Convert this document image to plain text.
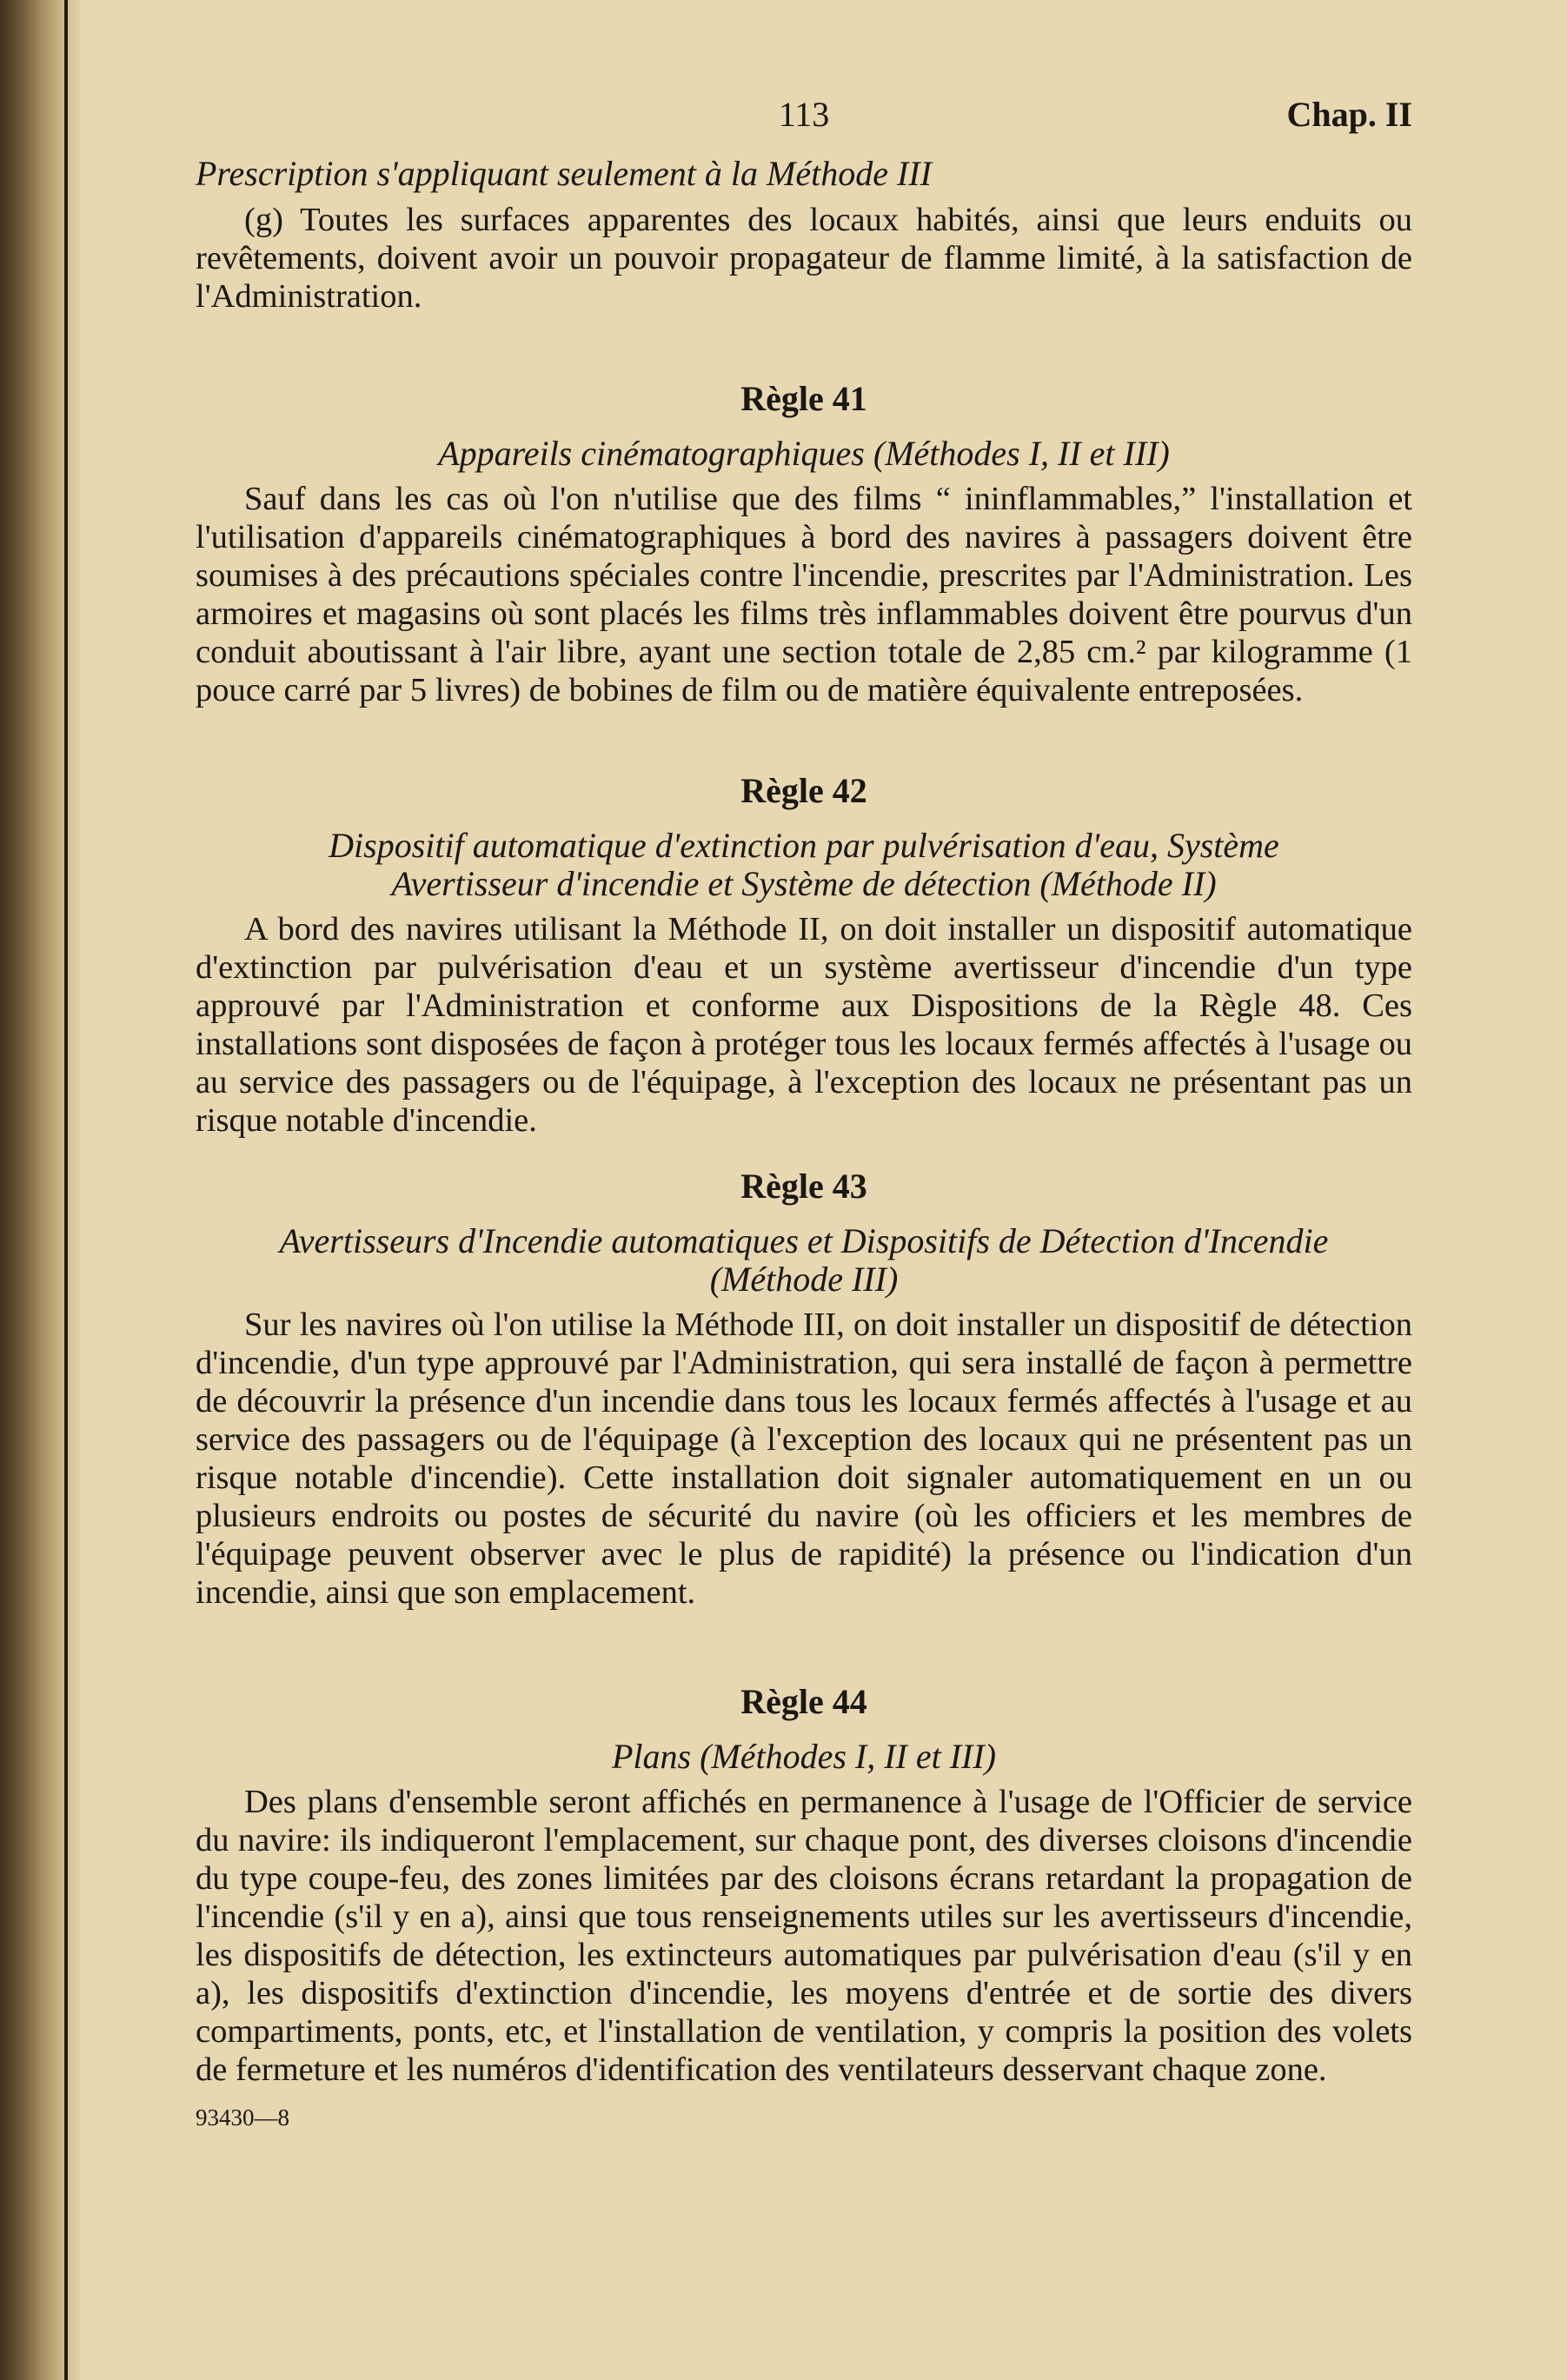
113	Chap. II
Prescription s'appliquant seulement à la Méthode III

(g) Toutes les surfaces apparentes des locaux habités, ainsi que leurs enduits ou revêtements, doivent avoir un pouvoir propagateur de flamme limité, à la satisfaction de l'Administration.

Règle 41
Appareils cinématographiques (Méthodes I, II et III)

Sauf dans les cas où l'on n'utilise que des films “ ininflammables,” l'installation et l'utilisation d'appareils cinématographiques à bord des navires à passagers doivent être soumises à des précautions spéciales contre l'incendie, prescrites par l'Administration. Les armoires et magasins où sont placés les films très inflammables doivent être pourvus d'un conduit aboutissant à l'air libre, ayant une section totale de 2,85 cm.² par kilogramme (1 pouce carré par 5 livres) de bobines de film ou de matière équivalente entreposées.

Règle 42
Dispositif automatique d'extinction par pulvérisation d'eau, Système
Avertisseur d'incendie et Système de détection (Méthode II)

A bord des navires utilisant la Méthode II, on doit installer un dispositif automatique d'extinction par pulvérisation d'eau et un système avertisseur d'incendie d'un type approuvé par l'Administration et conforme aux Dispositions de la Règle 48. Ces installations sont disposées de façon à protéger tous les locaux fermés affectés à l'usage ou au service des passagers ou de l'équipage, à l'exception des locaux ne présentant pas un risque notable d'incendie.

Règle 43
Avertisseurs d'Incendie automatiques et Dispositifs de Détection d'Incendie
(Méthode III)

Sur les navires où l'on utilise la Méthode III, on doit installer un dispositif de détection d'incendie, d'un type approuvé par l'Administration, qui sera installé de façon à permettre de découvrir la présence d'un incendie dans tous les locaux fermés affectés à l'usage et au service des passagers ou de l'équipage (à l'exception des locaux qui ne présentent pas un risque notable d'incendie). Cette installation doit signaler automatiquement en un ou plusieurs endroits ou postes de sécurité du navire (où les officiers et les membres de l'équipage peuvent observer avec le plus de rapidité) la présence ou l'indication d'un incendie, ainsi que son emplacement.

Règle 44
Plans (Méthodes I, II et III)

Des plans d'ensemble seront affichés en permanence à l'usage de l'Officier de service du navire: ils indiqueront l'emplacement, sur chaque pont, des diverses cloisons d'incendie du type coupe-feu, des zones limitées par des cloisons écrans retardant la propagation de l'incendie (s'il y en a), ainsi que tous renseignements utiles sur les avertisseurs d'incendie, les dispositifs de détection, les extincteurs automatiques par pulvérisation d'eau (s'il y en a), les dispositifs d'extinction d'incendie, les moyens d'entrée et de sortie des divers compartiments, ponts, etc, et l'installation de ventilation, y compris la position des volets de fermeture et les numéros d'identification des ventilateurs desservant chaque zone.

93430—8
